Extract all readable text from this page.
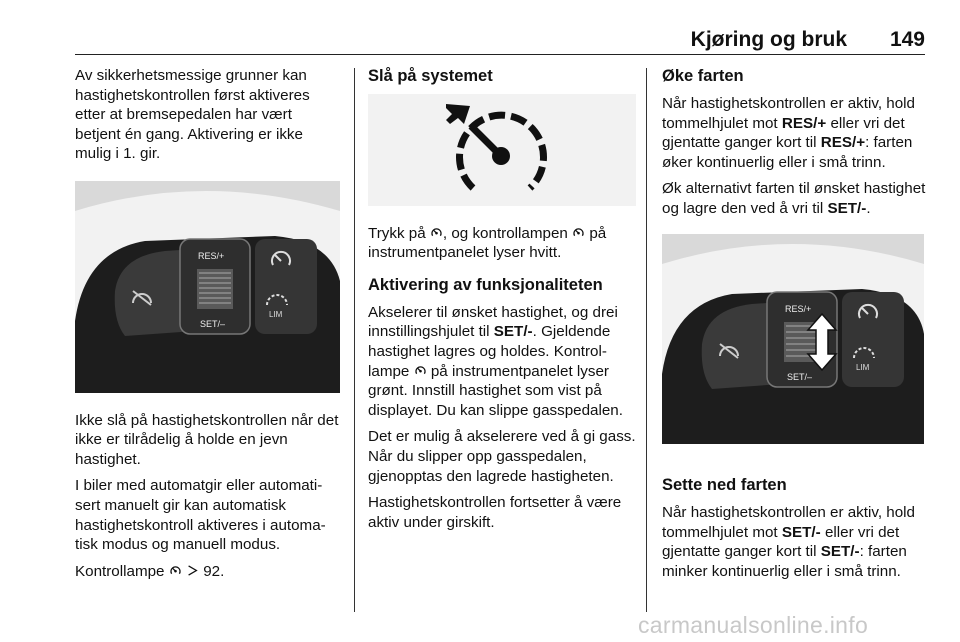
Kjøring og bruk 149

Av sikkerhetsmessige grunner kan hastighetskontrollen først aktiveres etter at bremsepedalen har vært betjent én gang. Aktivering er ikke mulig i 1. gir.

RES/+
SET/–
LIM

Ikke slå på hastighetskontrollen når det ikke er tilrådelig å holde en jevn hastighet.

I biler med automatgir eller automatisert manuelt gir kan automatisk hastighetskontroll aktiveres i automatisk modus og manuell modus.

Kontrollampe	92.

Slå på systemet

Trykk på , og kontrollampen på instrumentpanelet lyser hvitt.

Aktivering av funksjonaliteten

Akselerer til ønsket hastighet, og drei innstillingshjulet til SET/-. Gjeldende hastighet lagres og holdes. Kontrollampe på instrumentpanelet lyser grønt. Innstill hastighet som vist på displayet. Du kan slippe gasspedalen.

Det er mulig å akselerere ved å gi gass. Når du slipper opp gasspedalen, gjenopptas den lagrede hastigheten.

Hastighetskontrollen fortsetter å være aktiv under girskift.

Øke farten

Når hastighetskontrollen er aktiv, hold tommelhjulet mot RES/+ eller vri det gjentatte ganger kort til RES/+: farten øker kontinuerlig eller i små trinn.

Øk alternativt farten til ønsket hastighet og lagre den ved å vri til SET/-.

RES/+
SET/–
LIM
Sette ned farten

Når hastighetskontrollen er aktiv, hold tommelhjulet mot SET/- eller vri det gjentatte ganger kort til SET/-: farten minker kontinuerlig eller i små trinn.

carmanualsonline.info
